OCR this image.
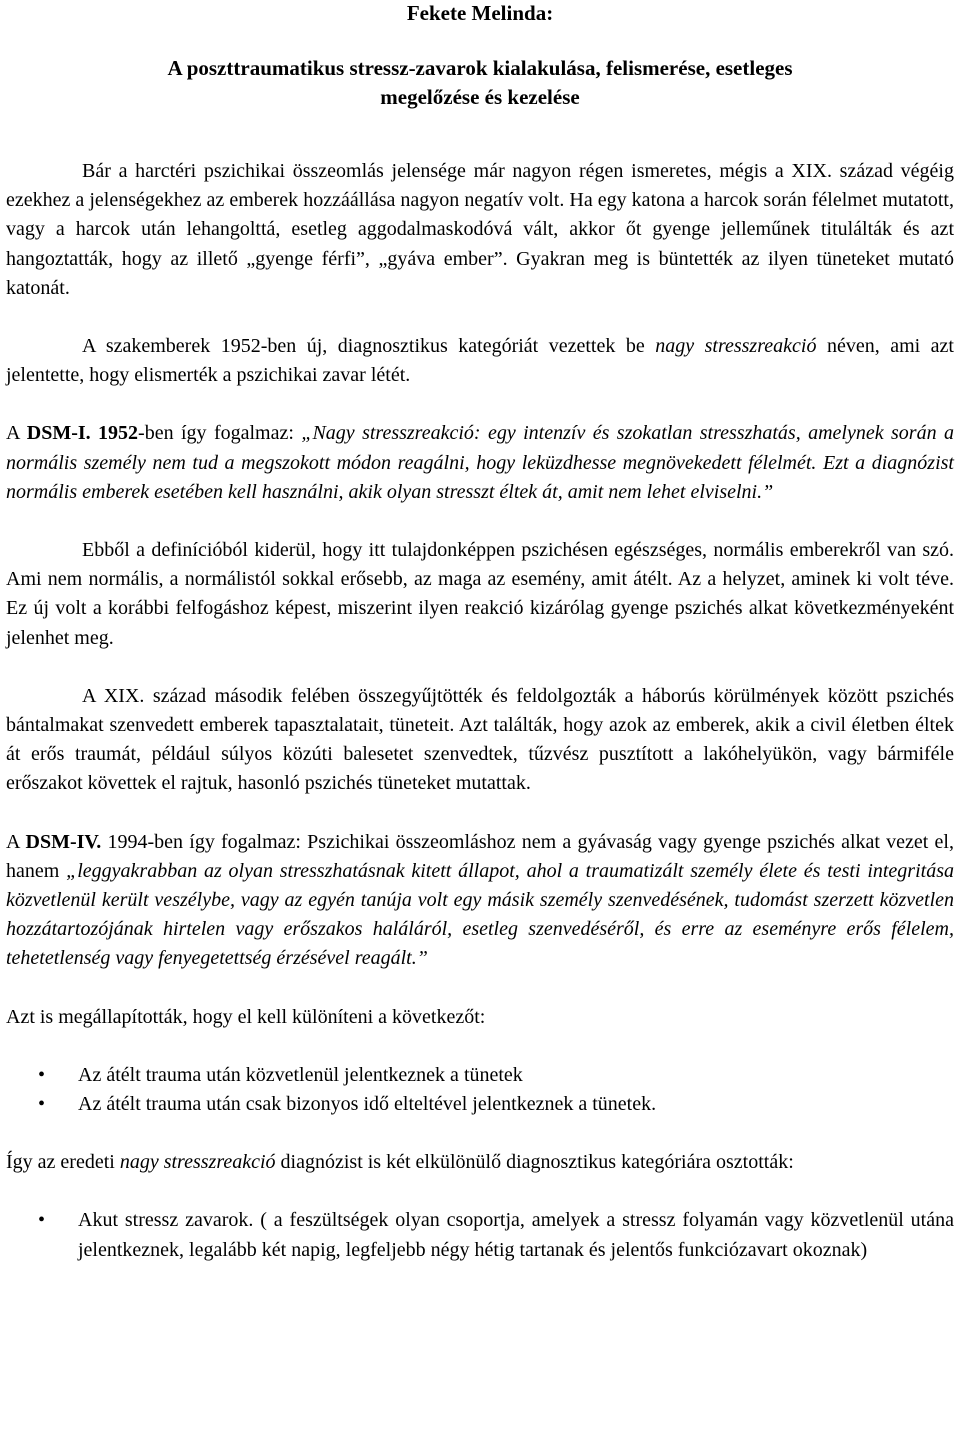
Fekete Melinda:
A poszttraumatikus stressz-zavarok kialakulása, felismerése, esetleges
megelőzése és kezelése

Bár a harctéri pszichikai összeomlás jelensége már nagyon régen ismeretes, mégis a XIX. század végéig ezekhez a jelenségekhez az emberek hozzáállása nagyon negatív volt. Ha egy katona a harcok során félelmet mutatott, vagy a harcok után lehangolttá, esetleg aggodalmaskodóvá vált, akkor őt gyenge jelleműnek titulálták és azt hangoztatták, hogy az illető „gyenge férfi”, „gyáva ember”. Gyakran meg is büntették az ilyen tüneteket mutató katonát.

A szakemberek 1952-ben új, diagnosztikus kategóriát vezettek be nagy stresszreakció néven, ami azt jelentette, hogy elismerték a pszichikai zavar létét.

A DSM-I. 1952-ben így fogalmaz: „Nagy stresszreakció: egy intenzív és szokatlan stresszhatás, amelynek során a normális személy nem tud a megszokott módon reagálni, hogy leküzdhesse megnövekedett félelmét. Ezt a diagnózist normális emberek esetében kell használni, akik olyan stresszt éltek át, amit nem lehet elviselni.”

Ebből a definícióból kiderül, hogy itt tulajdonképpen pszichésen egészséges, normális emberekről van szó. Ami nem normális, a normálistól sokkal erősebb, az maga az esemény, amit átélt. Az a helyzet, aminek ki volt téve. Ez új volt a korábbi felfogáshoz képest, miszerint ilyen reakció kizárólag gyenge pszichés alkat következményeként jelenhet meg.

A XIX. század második felében összegyűjtötték és feldolgozták a háborús körülmények között pszichés bántalmakat szenvedett emberek tapasztalatait, tüneteit. Azt találták, hogy azok az emberek, akik a civil életben éltek át erős traumát, például súlyos közúti balesetet szenvedtek, tűzvész pusztított a lakóhelyükön, vagy bármiféle erőszakot követtek el rajtuk, hasonló pszichés tüneteket mutattak.

A DSM-IV. 1994-ben így fogalmaz: Pszichikai összeomláshoz nem a gyávaság vagy gyenge pszichés alkat vezet el, hanem „leggyakrabban az olyan stresszhatásnak kitett állapot, ahol a traumatizált személy élete és testi integritása közvetlenül került veszélybe, vagy az egyén tanúja volt egy másik személy szenvedésének, tudomást szerzett közvetlen hozzátartozójának hirtelen vagy erőszakos haláláról, esetleg szenvedéséről, és erre az eseményre erős félelem, tehetetlenség vagy fenyegetettség érzésével reagált.”

Azt is megállapították, hogy el kell különíteni a következőt:

• Az átélt trauma után közvetlenül jelentkeznek a tünetek
• Az átélt trauma után csak bizonyos idő elteltével jelentkeznek a tünetek.

Így az eredeti nagy stresszreakció diagnózist is két elkülönülő diagnosztikus kategóriára osztották:

• Akut stressz zavarok. ( a feszültségek olyan csoportja, amelyek a stressz folyamán vagy közvetlenül utána jelentkeznek, legalább két napig, legfeljebb négy hétig tartanak és jelentős funkciózavart okoznak)
